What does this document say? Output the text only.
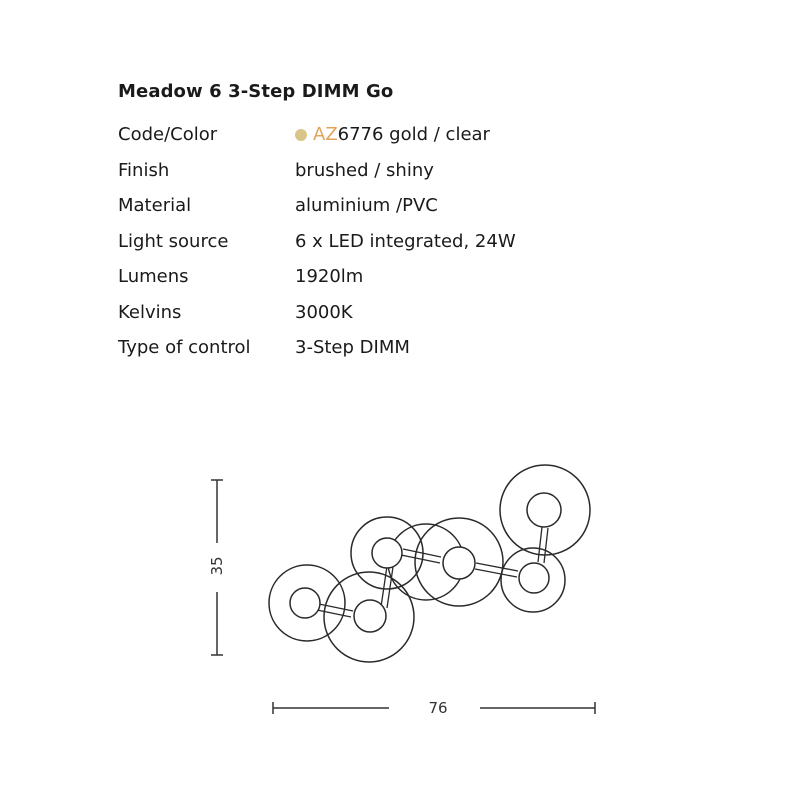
Meadow 6 3-Step DIMM Go
Code/Color	AZ 6776 gold / clear
Finish	brushed / shiny
Material	aluminium /PVC
Light source	6 x LED integrated, 24W
Lumens	1920lm
Kelvins	3000K
Type of control	3-Step DIMM
35
76
